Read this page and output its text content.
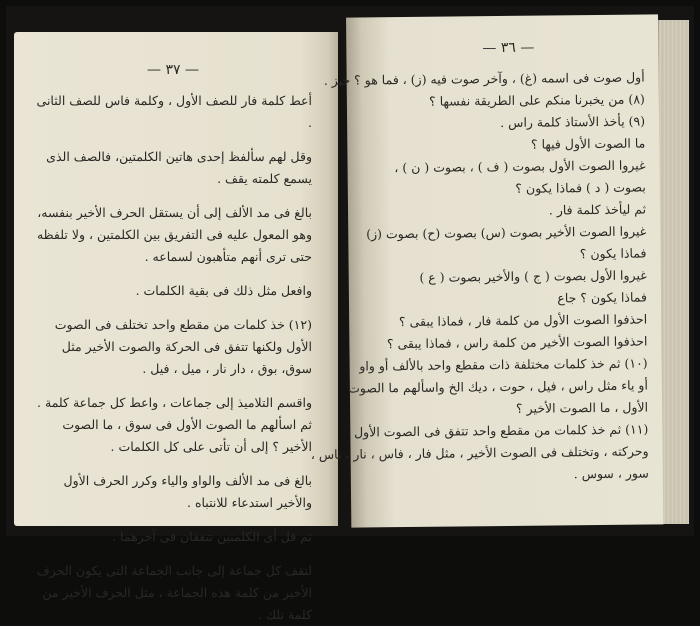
— ٣٧ —

أعط كلمة فار للصف الأول ، وكلمة فاس للصف الثانى .

وقل لهم سألفظ إحدى هاتين الكلمتين، فالصف الذى يسمع كلمته يقف .

بالغ فى مد الألف إلى أن يستقل الحرف الأخير بنفسه، وهو المعول عليه فى التفريق بين الكلمتين ، ولا تلفظه حتى ترى أنهم متأهبون لسماعه .

وافعل مثل ذلك فى بقية الكلمات .

(١٢) خذ كلمات من مقطع واحد تختلف فى الصوت الأول ولكنها تتفق فى الحركة والصوت الأخير مثل سوق، بوق ، دار نار ، ميل ، فيل .

واقسم التلاميذ إلى جماعات ، واعط كل جماعة كلمة . ثم اسألهم ما الصوت الأول فى سوق ، ما الصوت الأخير ؟ إلى أن تأتى على كل الكلمات .

بالغ فى مد الألف والواو والياء وكرر الحرف الأول والأخير استدعاء للانتباه .

ثم قل أى الكلمتين تتفقان فى آخرهما .

لتقف كل جماعة إلى جانب الجماعة التى يكون الحرف الأخير من كلمة هذه الجماعة ، مثل الحرف الأخير من كلمة تلك .

— ٣٦ —

أول صوت فى اسمه (غ) ، وآخر صوت فيه (ز) ، فما هو ؟ خبز .

(٨) من يخبرنا منكم على الطريقة نفسها ؟

(٩) يأخذ الأستاذ كلمة راس .

ما الصوت الأول فيها ؟

غيروا الصوت الأول بصوت ( ف ) ، بصوت ( ن ) ،

بصوت ( د ) فماذا يكون ؟

ثم ليأخذ كلمة فار .

غيروا الصوت الأخير بصوت (س) بصوت (ح) بصوت (ز)

فماذا يكون ؟

غيروا الأول بصوت ( ج ) والأخير بصوت ( ع )

فماذا يكون ؟ جاع

احذفوا الصوت الأول من كلمة فار ، فماذا يبقى ؟

احذفوا الصوت الأخير من كلمة راس ، فماذا يبقى ؟

(١٠) ثم خذ كلمات مختلفة ذات مقطع واحد بالألف أو واو

أو ياء مثل راس ، فيل ، حوت ، ديك الخ واسألهم ما الصوت

الأول ، ما الصوت الأخير ؟

(١١) ثم خذ كلمات من مقطع واحد تتفق فى الصوت الأول

وحركته ، وتختلف فى الصوت الأخير ، مثل فار ، فاس ، نار ، ناس ،

سور ، سوس .
